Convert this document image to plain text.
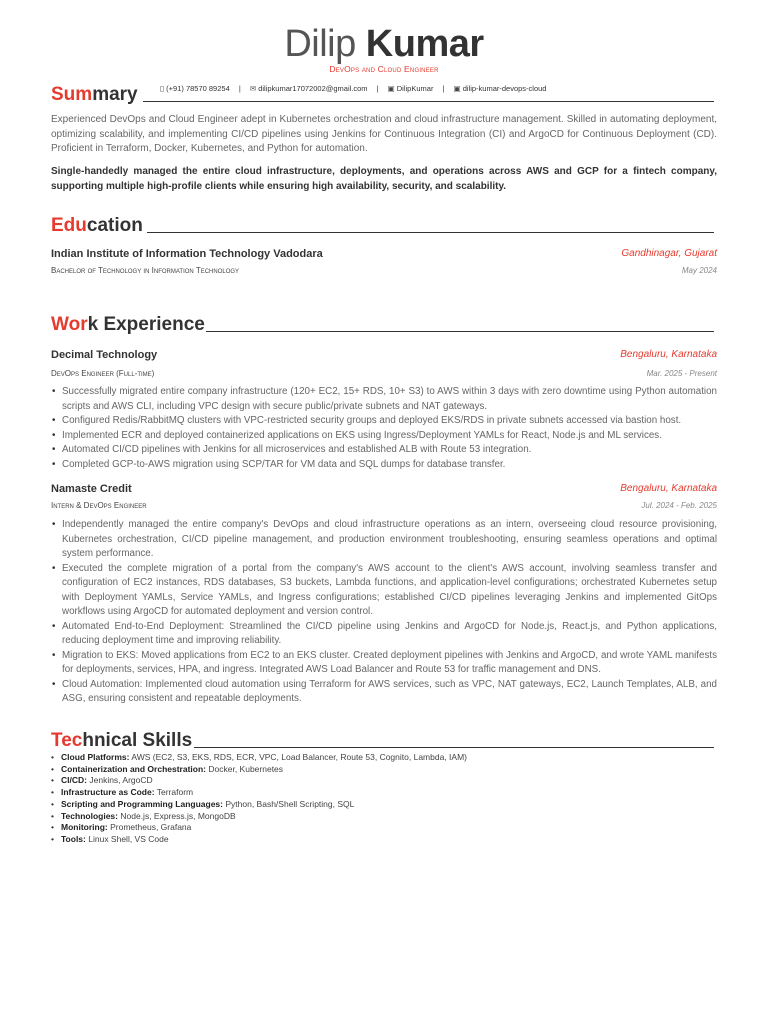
Dilip Kumar
DevOps and Cloud Engineer
▯ (+91) 78570 89254 | ✉ dilipkumar17072002@gmail.com | ▣ DilipKumar | ▣ dilip-kumar-devops-cloud
Summary
Experienced DevOps and Cloud Engineer adept in Kubernetes orchestration and cloud infrastructure management. Skilled in automating deployment, optimizing scalability, and implementing CI/CD pipelines using Jenkins for Continuous Integration (CI) and ArgoCD for Continuous Deployment (CD). Proficient in Terraform, Docker, Kubernetes, and Python for automation.
Single-handedly managed the entire cloud infrastructure, deployments, and operations across AWS and GCP for a fintech company, supporting multiple high-profile clients while ensuring high availability, security, and scalability.
Education
Indian Institute of Information Technology Vadodara	Gandhinagar, Gujarat
Bachelor of Technology in Information Technology	May 2024
Work Experience
Decimal Technology	Bengaluru, Karnataka
DevOps Engineer (Full-time)	Mar. 2025 - Present
• Successfully migrated entire company infrastructure (120+ EC2, 15+ RDS, 10+ S3) to AWS within 3 days with zero downtime using Python automation scripts and AWS CLI, including VPC design with secure public/private subnets and NAT gateways.
• Configured Redis/RabbitMQ clusters with VPC-restricted security groups and deployed EKS/RDS in private subnets accessed via bastion host.
• Implemented ECR and deployed containerized applications on EKS using Ingress/Deployment YAMLs for React, Node.js and ML services.
• Automated CI/CD pipelines with Jenkins for all microservices and established ALB with Route 53 integration.
• Completed GCP-to-AWS migration using SCP/TAR for VM data and SQL dumps for database transfer.
Namaste Credit	Bengaluru, Karnataka
Intern & DevOps Engineer	Jul. 2024 - Feb. 2025
• Independently managed the entire company's DevOps and cloud infrastructure operations as an intern, overseeing cloud resource provisioning, Kubernetes orchestration, CI/CD pipeline management, and production environment troubleshooting, ensuring seamless operations and optimal system performance.
• Executed the complete migration of a portal from the company's AWS account to the client's AWS account, involving seamless transfer and configuration of EC2 instances, RDS databases, S3 buckets, Lambda functions, and application-level configurations; orchestrated Kubernetes setup with Deployment YAMLs, Service YAMLs, and Ingress configurations; established CI/CD pipelines leveraging Jenkins and implemented GitOps workflows using ArgoCD for automated deployment and version control.
• Automated End-to-End Deployment: Streamlined the CI/CD pipeline using Jenkins and ArgoCD for Node.js, React.js, and Python applications, reducing deployment time and improving reliability.
• Migration to EKS: Moved applications from EC2 to an EKS cluster. Created deployment pipelines with Jenkins and ArgoCD, and wrote YAML manifests for deployments, services, HPA, and ingress. Integrated AWS Load Balancer and Route 53 for traffic management and DNS.
• Cloud Automation: Implemented cloud automation using Terraform for AWS services, such as VPC, NAT gateways, EC2, Launch Templates, ALB, and ASG, ensuring consistent and repeatable deployments.
Technical Skills
• Cloud Platforms: AWS (EC2, S3, EKS, RDS, ECR, VPC, Load Balancer, Route 53, Cognito, Lambda, IAM)
• Containerization and Orchestration: Docker, Kubernetes
• CI/CD: Jenkins, ArgoCD
• Infrastructure as Code: Terraform
• Scripting and Programming Languages: Python, Bash/Shell Scripting, SQL
• Technologies: Node.js, Express.js, MongoDB
• Monitoring: Prometheus, Grafana
• Tools: Linux Shell, VS Code
